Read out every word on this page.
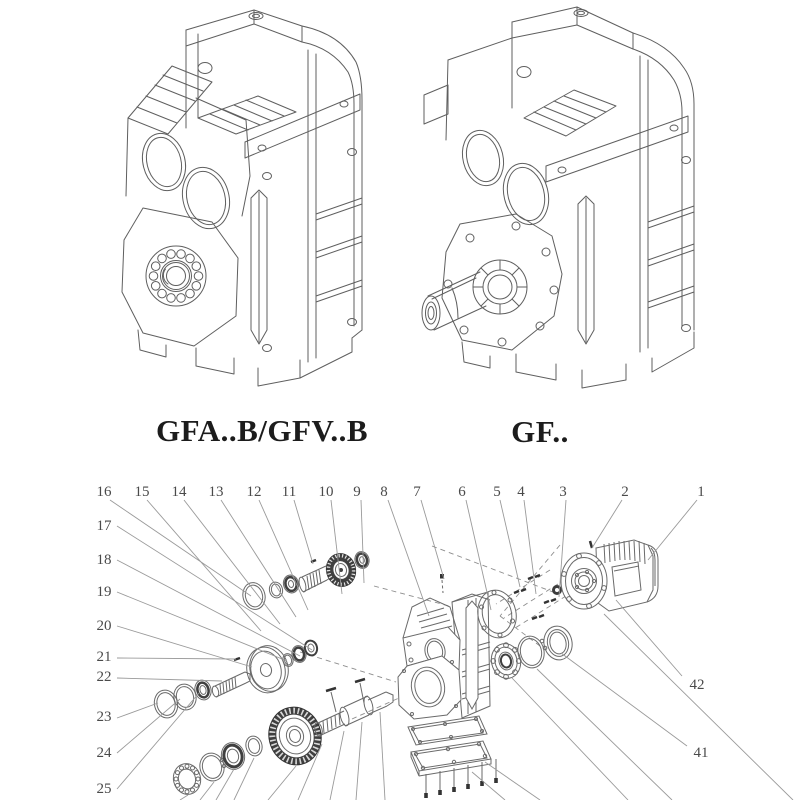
16 15 14 13 12 11 10 9 8 7	6 5 4 3	2	1
17
18
19
20
21
22
23
24
25
42
41
GFA..B/GFV..B	GF..
